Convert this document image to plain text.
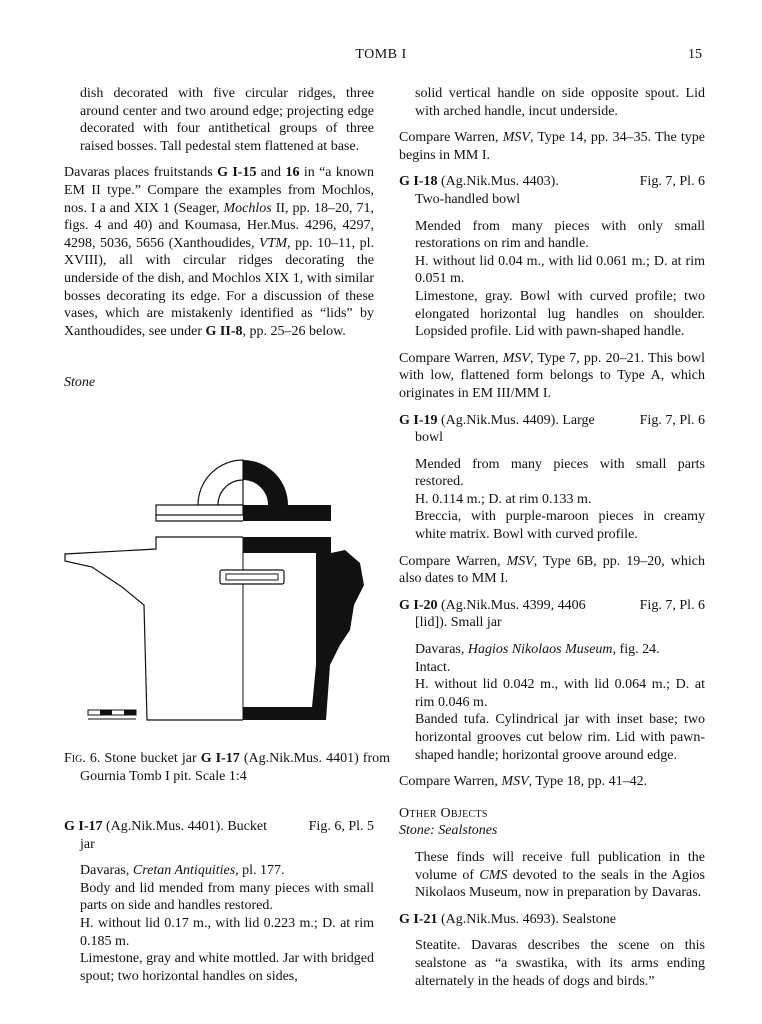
TOMB I	15

dish decorated with five circular ridges, three around center and two around edge; projecting edge decorated with four antithetical groups of three raised bosses. Tall pedestal stem flattened at base.

Davaras places fruitstands G I-15 and 16 in “a known EM II type.” Compare the examples from Mochlos, nos. I a and XIX 1 (Seager, Mochlos II, pp. 18–20, 71, figs. 4 and 40) and Koumasa, Her.Mus. 4296, 4297, 4298, 5036, 5656 (Xanthoudides, VTM, pp. 10–11, pl. XVIII), all with circular ridges decorating the underside of the dish, and Mochlos XIX 1, with similar bosses decorating its edge. For a discussion of these vases, which are mistakenly identified as “lids” by Xanthoudides, see under G II-8, pp. 25–26 below.

Stone

Fig. 6. Stone bucket jar G I-17 (Ag.Nik.Mus. 4401) from Gournia Tomb I pit. Scale 1:4

G I-17 (Ag.Nik.Mus. 4401). Bucket	Fig. 6, Pl. 5
jar

Davaras, Cretan Antiquities, pl. 177.

Body and lid mended from many pieces with small parts on side and handles restored.

H. without lid 0.17 m., with lid 0.223 m.; D. at rim 0.185 m.

Limestone, gray and white mottled. Jar with bridged spout; two horizontal handles on sides,

solid vertical handle on side opposite spout. Lid with arched handle, incut underside.

Compare Warren, MSV, Type 14, pp. 34–35. The type begins in MM I.

G I-18 (Ag.Nik.Mus. 4403).	Fig. 7, Pl. 6
Two-handled bowl

Mended from many pieces with only small restorations on rim and handle.

H. without lid 0.04 m., with lid 0.061 m.; D. at rim 0.051 m.

Limestone, gray. Bowl with curved profile; two elongated horizontal lug handles on shoulder. Lopsided profile. Lid with pawn-shaped handle.

Compare Warren, MSV, Type 7, pp. 20–21. This bowl with low, flattened form belongs to Type A, which originates in EM III/MM I.

G I-19 (Ag.Nik.Mus. 4409). Large	Fig. 7, Pl. 6
bowl

Mended from many pieces with small parts restored.

H. 0.114 m.; D. at rim 0.133 m.

Breccia, with purple-maroon pieces in creamy white matrix. Bowl with curved profile.

Compare Warren, MSV, Type 6B, pp. 19–20, which also dates to MM I.

G I-20 (Ag.Nik.Mus. 4399, 4406	Fig. 7, Pl. 6
[lid]). Small jar

Davaras, Hagios Nikolaos Museum, fig. 24.

Intact.

H. without lid 0.042 m., with lid 0.064 m.; D. at rim 0.046 m.

Banded tufa. Cylindrical jar with inset base; two horizontal grooves cut below rim. Lid with pawn-shaped handle; horizontal groove around edge.

Compare Warren, MSV, Type 18, pp. 41–42.

Other Objects

Stone: Sealstones

These finds will receive full publication in the volume of CMS devoted to the seals in the Agios Nikolaos Museum, now in preparation by Davaras.

G I-21 (Ag.Nik.Mus. 4693). Sealstone

Steatite. Davaras describes the scene on this sealstone as “a swastika, with its arms ending alternately in the heads of dogs and birds.”
